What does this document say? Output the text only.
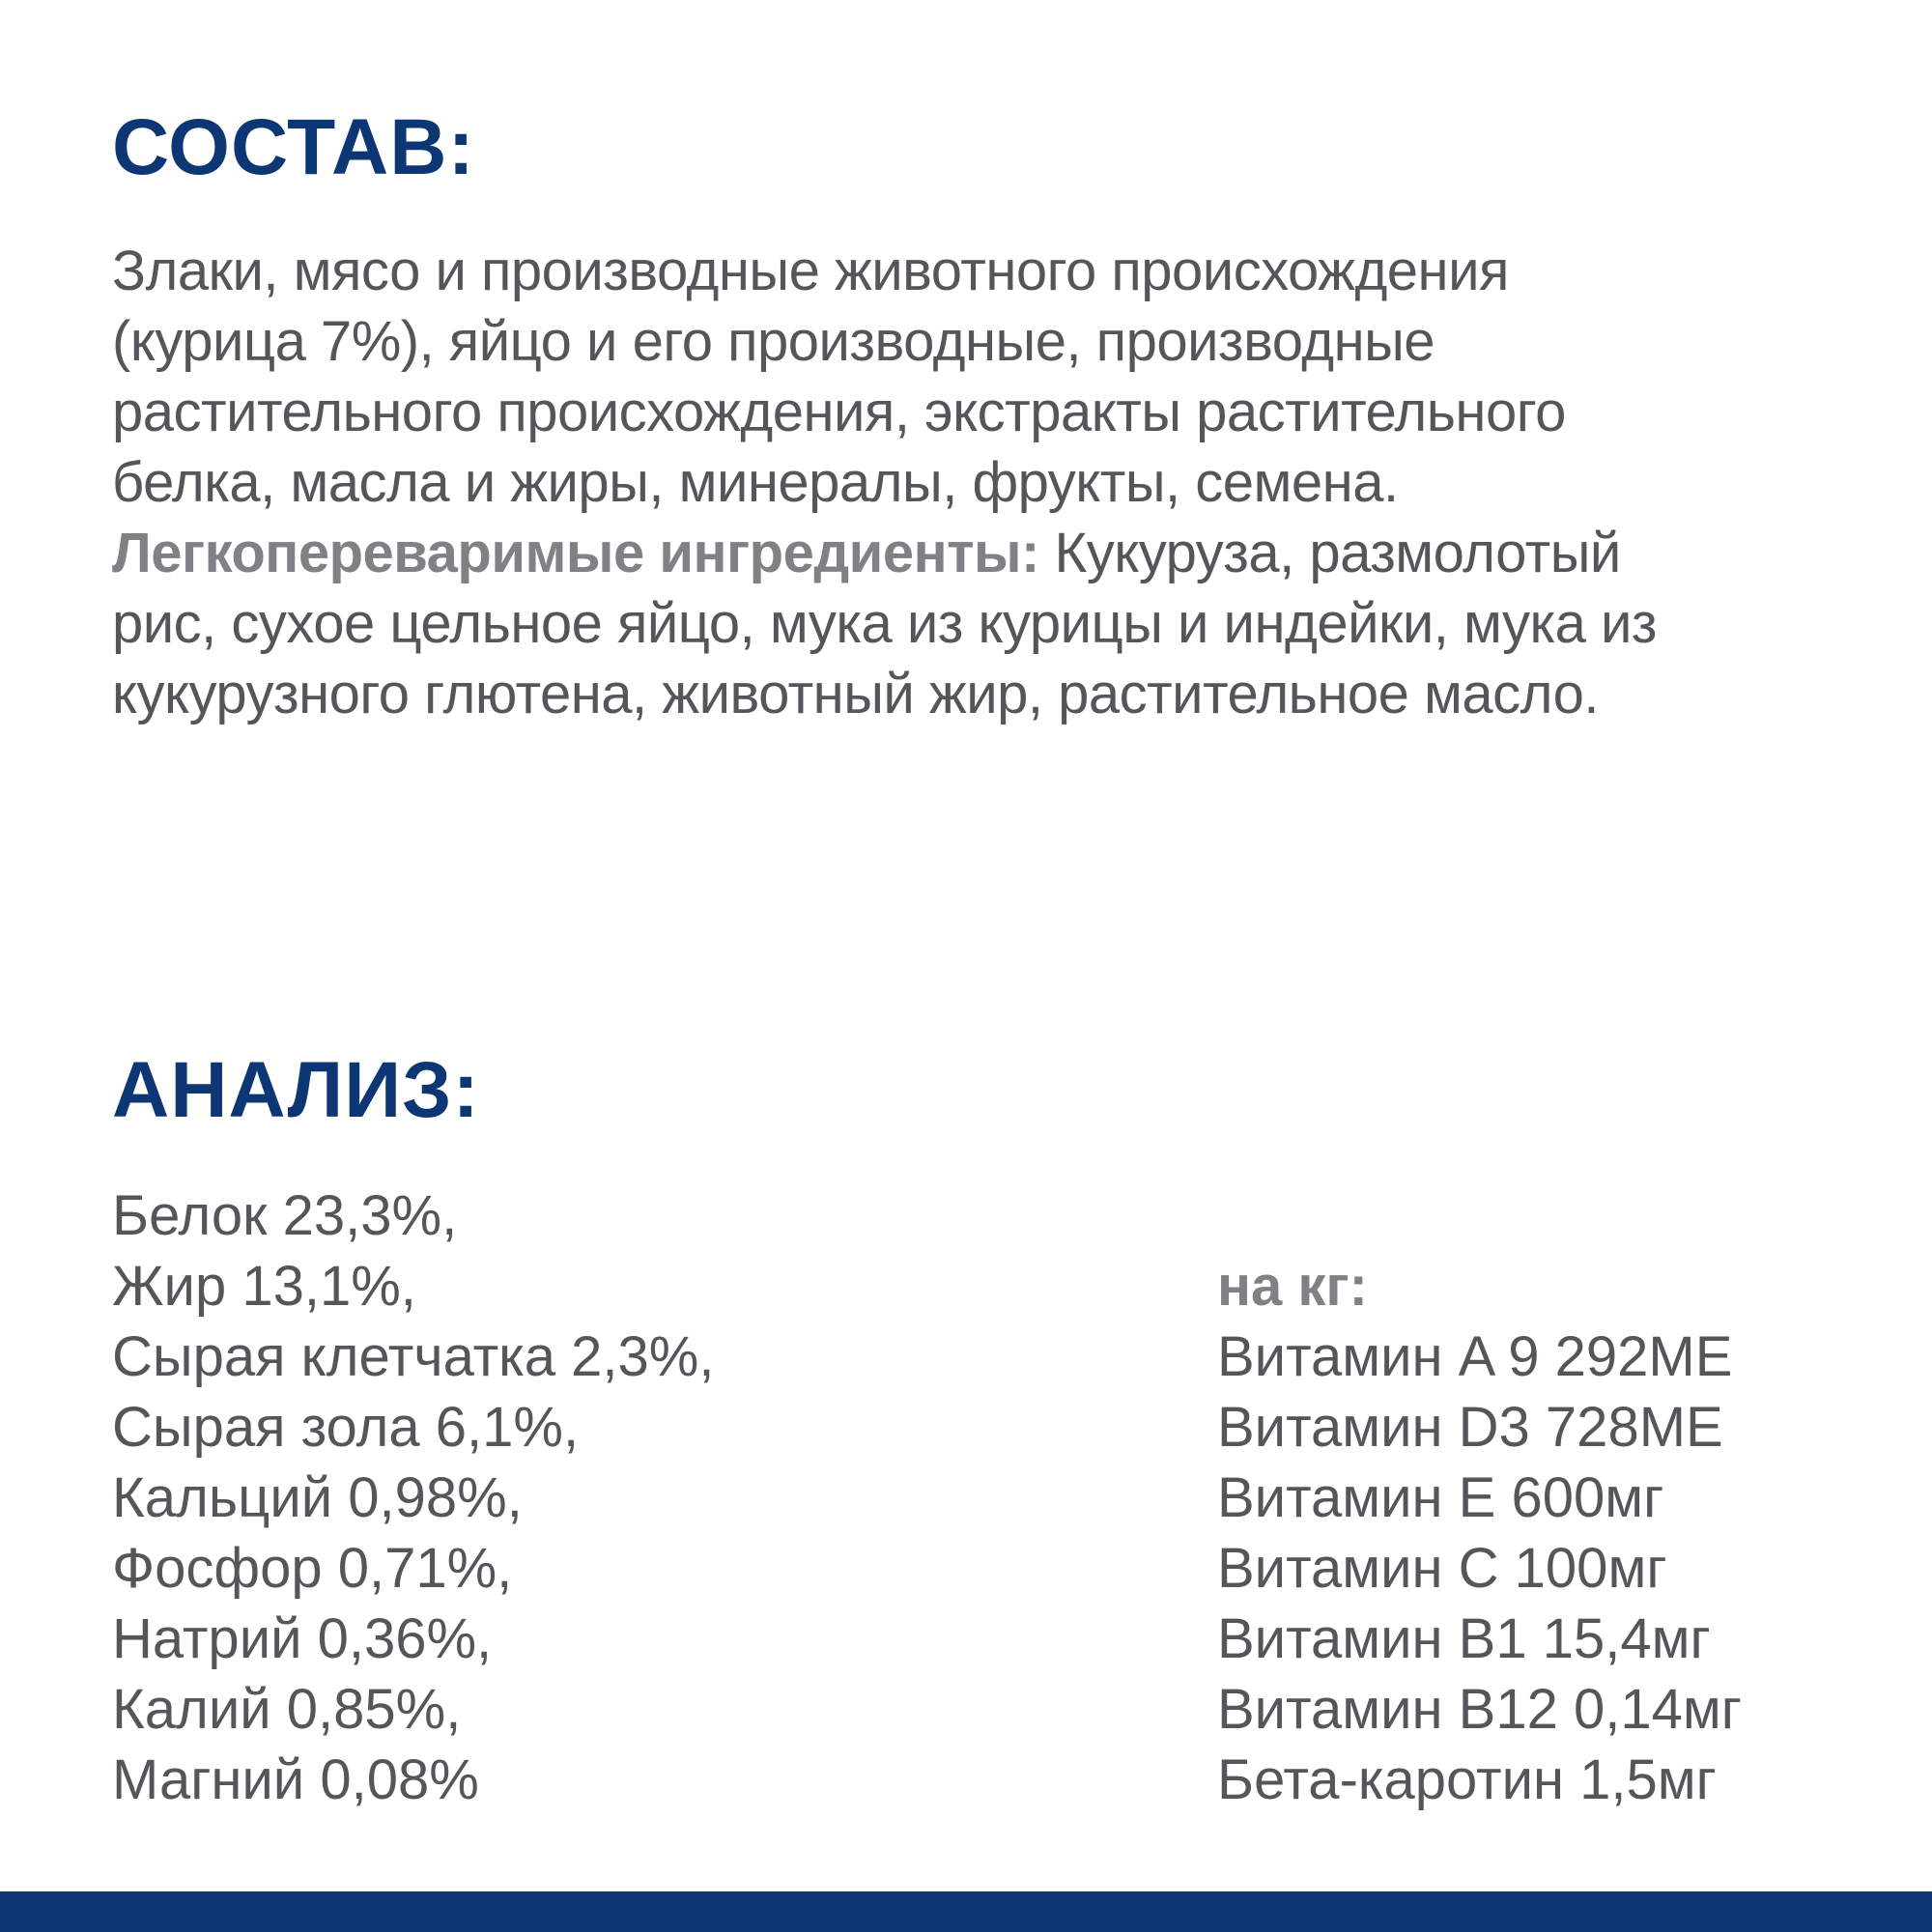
СОСТАВ:

Злаки, мясо и производные животного происхождения
(курица 7%), яйцо и его производные, производные
растительного происхождения, экстракты растительного
белка, масла и жиры, минералы, фрукты, семена.
Легкопереваримые ингредиенты: Кукуруза, размолотый
рис, сухое цельное яйцо, мука из курицы и индейки, мука из
кукурузного глютена, животный жир, растительное масло.

АНАЛИЗ:
Белок 23,3%,
Жир 13,1%,
Сырая клетчатка 2,3%,
Сырая зола 6,1%,
Кальций 0,98%,
Фосфор 0,71%,
Натрий 0,36%,
Калий 0,85%,
Магний 0,08%
на кг:
Витамин A 9 292МЕ
Витамин D3 728МЕ
Витамин E 600мг
Витамин C 100мг
Витамин B1 15,4мг
Витамин B12 0,14мг
Бета-каротин 1,5мг
